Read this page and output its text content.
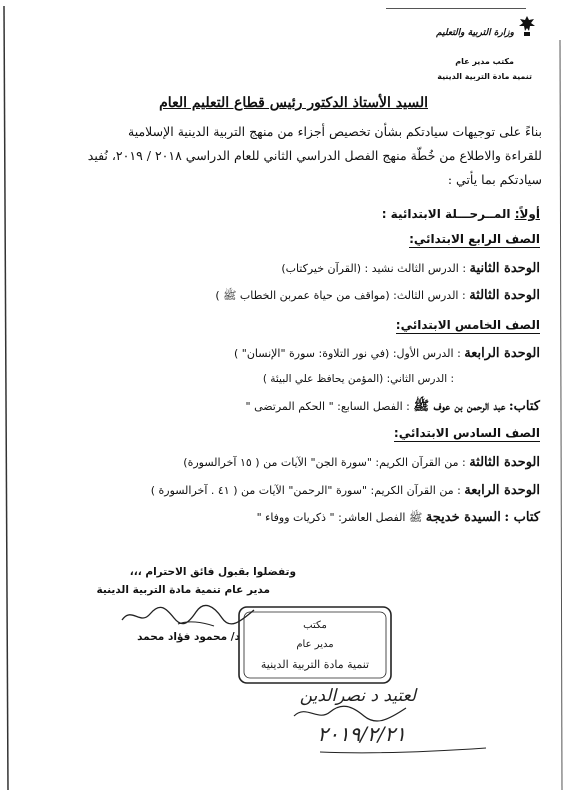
وزارة التربية والتعليم
مكتب مدير عام
تنمية مادة التربية الدينية
السيد الأستاذ الدكتور رئيس قطاع التعليم العام
بناءً على توجيهات سيادتكم بشأن تخصيص أجزاء من منهج التربية الدينية الإسلامية
للقراءة والاطلاع من خُطّة منهج الفصل الدراسي الثاني للعام الدراسي ٢٠١٨ / ٢٠١٩، نُفيد
سيادتكم بما يأتي :
أولاً: المــرحـــلة الابتدائية :
الصف الرابع الابتدائي:
الوحدة الثانية : الدرس الثالث نشيد : (القرآن خيركتاب)
الوحدة الثالثة : الدرس الثالث: (مواقف من حياة عمربن الخطاب ﷺ )
الصف الخامس الابتدائي:
الوحدة الرابعة : الدرس الأول: (في نور التلاوة: سورة "الإنسان" )
: الدرس الثاني: (المؤمن يحافظ علي البيئة )
كتاب: عبد الرحمن بن عوف ﷺ : الفصل السابع: " الحكم المرتضى "
الصف السادس الابتدائي:
الوحدة الثالثة : من القرآن الكريم: "سورة الجن" الآيات من ( ١٥ آخرالسورة)
الوحدة الرابعة : من القرآن الكريم: "سورة "الرحمن" الآيات من ( ٤١ . آخرالسورة )
كتاب : السيدة خديجة ﷺ الفصل العاشر: " ذكريات ووفاء "
وتفضلوا بقبول فائق الاحترام ،،،
مدير عام تنمية مادة التربية الدينية
د/ محمود فؤاد محمد
مكتب
مدير عام
تنمية مادة التربية الدينية
لعتيد د نصرالدين
٢٠١٩/٢/٢١
